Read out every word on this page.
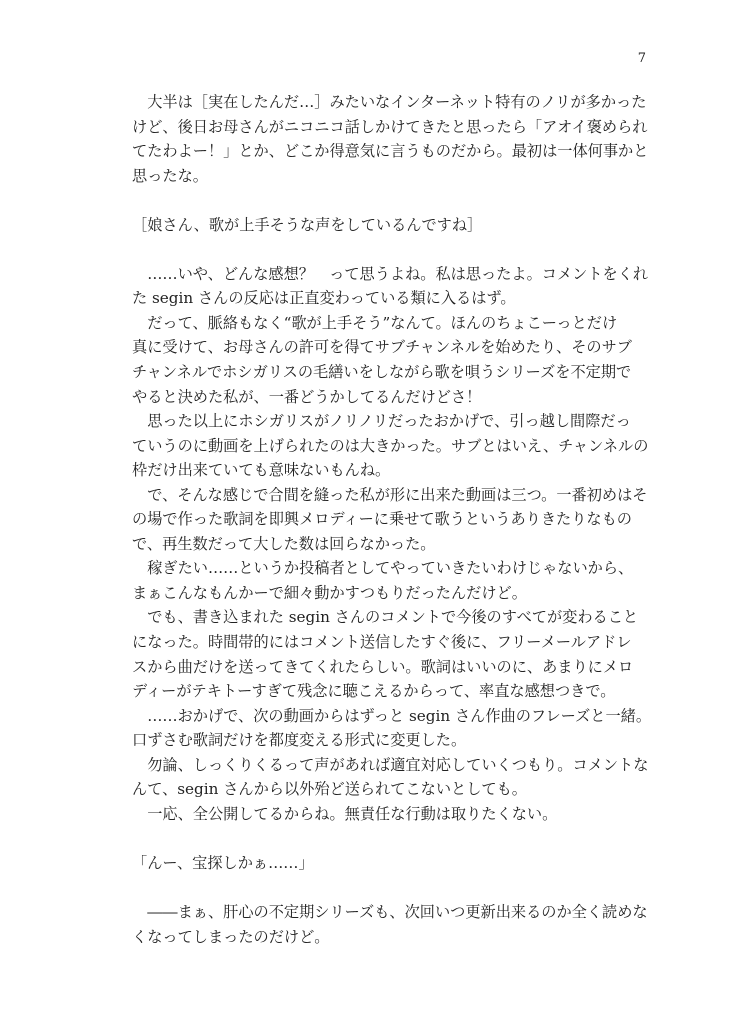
7
　大半は［実在したんだ…］みたいなインターネット特有のノリが多かった
けど、後日お母さんがニコニコ話しかけてきたと思ったら「アオイ褒められ
てたわよー！」とか、どこか得意気に言うものだから。最初は一体何事かと
思ったな。
［娘さん、歌が上手そうな声をしているんですね］
　……いや、どんな感想？　って思うよね。私は思ったよ。コメントをくれ
た segin さんの反応は正直変わっている類に入るはず。
　だって、脈絡もなく“歌が上手そう”なんて。ほんのちょこーっとだけ
真に受けて、お母さんの許可を得てサブチャンネルを始めたり、そのサブ
チャンネルでホシガリスの毛繕いをしながら歌を唄うシリーズを不定期で
やると決めた私が、一番どうかしてるんだけどさ！
　思った以上にホシガリスがノリノリだったおかげで、引っ越し間際だっ
ていうのに動画を上げられたのは大きかった。サブとはいえ、チャンネルの
枠だけ出来ていても意味ないもんね。
　で、そんな感じで合間を縫った私が形に出来た動画は三つ。一番初めはそ
の場で作った歌詞を即興メロディーに乗せて歌うというありきたりなもの
で、再生数だって大した数は回らなかった。
　稼ぎたい……というか投稿者としてやっていきたいわけじゃないから、
まぁこんなもんかーで細々動かすつもりだったんだけど。
　でも、書き込まれた segin さんのコメントで今後のすべてが変わること
になった。時間帯的にはコメント送信したすぐ後に、フリーメールアドレ
スから曲だけを送ってきてくれたらしい。歌詞はいいのに、あまりにメロ
ディーがテキトーすぎて残念に聴こえるからって、率直な感想つきで。
　……おかげで、次の動画からはずっと segin さん作曲のフレーズと一緒。
口ずさむ歌詞だけを都度変える形式に変更した。
　勿論、しっくりくるって声があれば適宜対応していくつもり。コメントな
んて、segin さんから以外殆ど送られてこないとしても。
　一応、全公開してるからね。無責任な行動は取りたくない。
「んー、宝探しかぁ……」
　――まぁ、肝心の不定期シリーズも、次回いつ更新出来るのか全く読めな
くなってしまったのだけど。
